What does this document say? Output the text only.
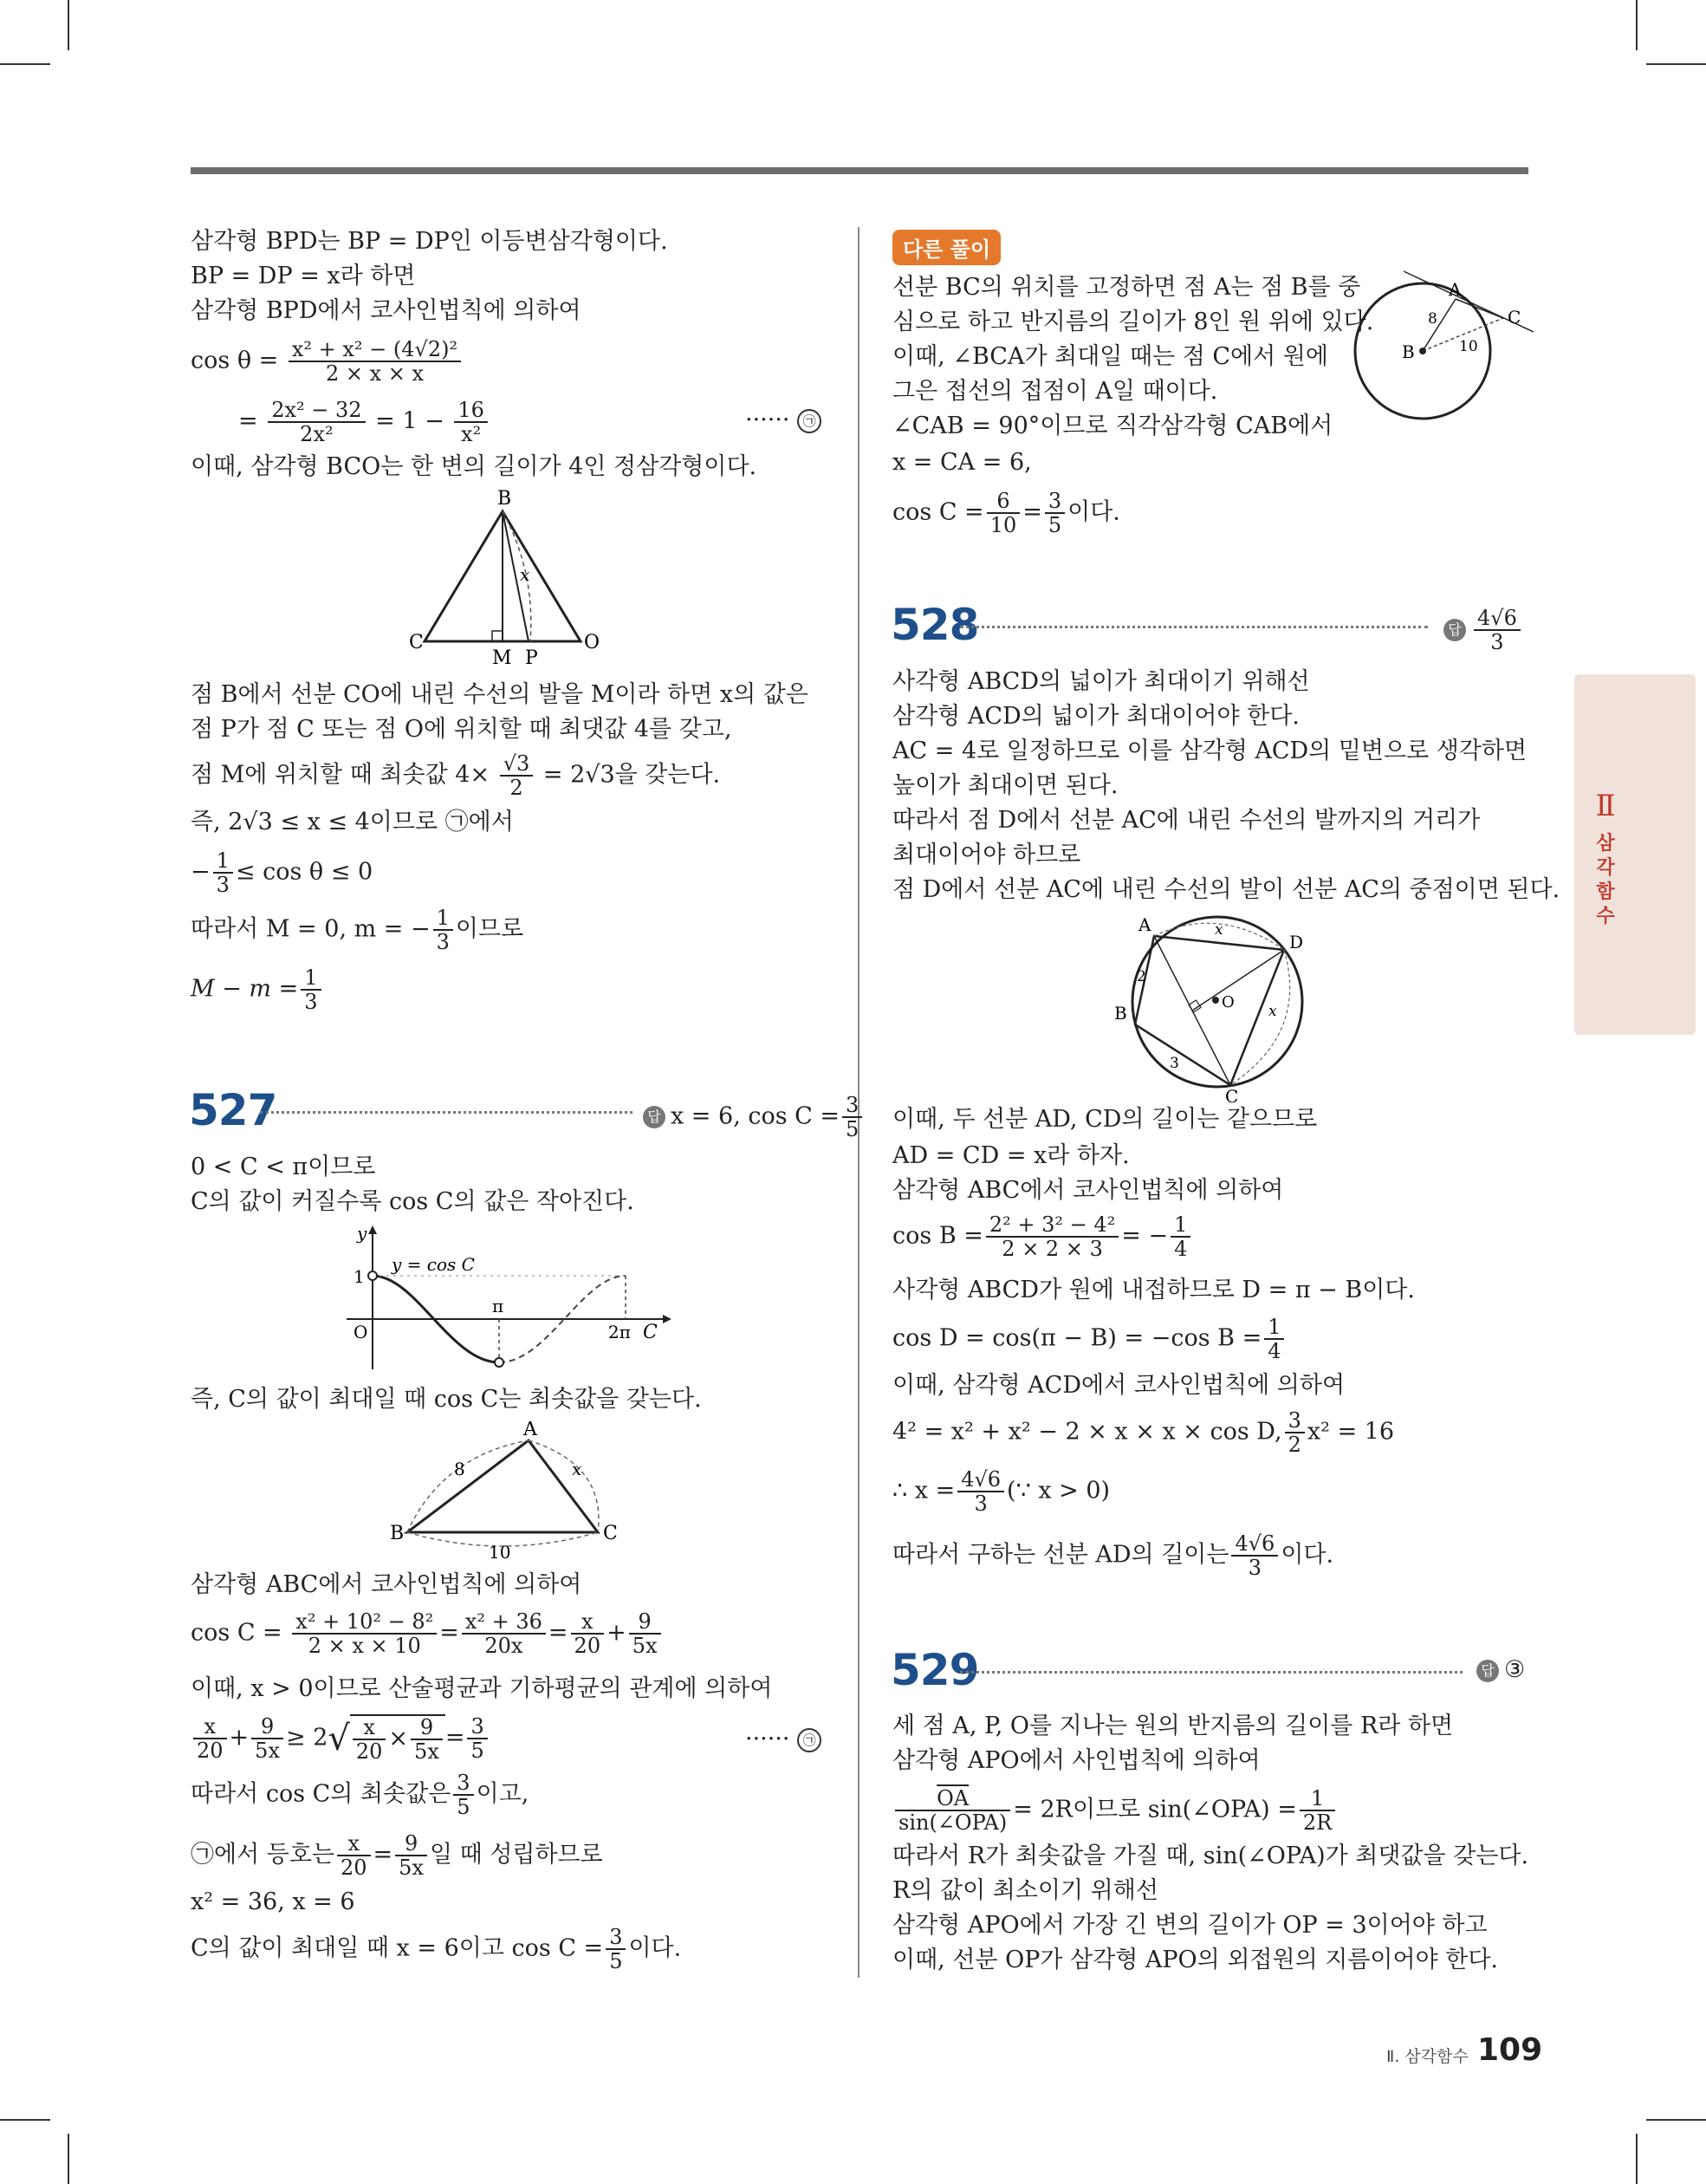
삼각형 BPD는 BP = DP인 이등변삼각형이다.
BP = DP = x라 하면
삼각형 BPD에서 코사인법칙에 의하여
$\cos \theta = \frac{\text{x² + x² − (4√2)²}}{2 \times x \times x}$
= $\frac{\text{2x² − 32}}{\text{2x²}} = 1 - \frac{16}{\text{x²}}$	······ ㉠
이때, 삼각형 BCO는 한 변의 길이가 4인 정삼각형이다.
B
C	O
M P
x
점 B에서 선분 CO에 내린 수선의 발을 M이라 하면 x의 값은
점 P가 점 C 또는 점 O에 위치할 때 최댓값 4를 갖고,
점 M에 위치할 때 최솟값 $4\times \frac{√3}{2} = 2√3$을 갖는다.
즉, 2√3 ≤ x ≤ 4이므로 ㉠에서
− $\frac{1}{3} \le \cos \theta \le 0$
따라서 M = 0, m = − $\frac{1}{3}$ 이므로
$M - m = \frac{1}{3}$
527	답 x = 6, $\cos C = \frac{3}{5}$
0 < C < π이므로
C의 값이 커질수록 cos C의 값은 작아진다.
y
1
y = cos C
π
2π C
O
즉, C의 값이 최대일 때 cos C는 최솟값을 갖는다.
A
B	C
8	x
10
삼각형 ABC에서 코사인법칙에 의하여
$\cos C = \frac{\text{x² + 10² − 8²}}{2 \times x \times 10} = \frac{\text{x² + 36}}{20x} = \frac{x}{20} + \frac{9}{5x}$
이때, x > 0이므로 산술평균과 기하평균의 관계에 의하여
$\frac{x}{20} + \frac{9}{5x} \ge 2√ \frac{x}{20} \times \frac{9}{5x} = \frac{3}{5}$	······ ㉠
따라서 cos C의 최솟값은 $\frac{3}{5}$ 이고,
㉠에서 등호는 $\frac{x}{20} = \frac{9}{5x}$ 일 때 성립하므로
x² = 36, x = 6
C의 값이 최대일 때 x = 6이고 $\cos C = \frac{3}{5}$ 이다.
다른 풀이
선분 BC의 위치를 고정하면 점 A는 점 B를 중
심으로 하고 반지름의 길이가 8인 원 위에 있다.
이때, ∠BCA가 최대일 때는 점 C에서 원에
그은 접선의 접점이 A일 때이다.
∠CAB = 90°이므로 직각삼각형 CAB에서
x = CA = 6,
$\cos C = \frac{6}{10} = \frac{3}{5}$ 이다.
A
B
C
8
10
528	답 $\frac{4√6}{3}$
사각형 ABCD의 넓이가 최대이기 위해선
삼각형 ACD의 넓이가 최대이어야 한다.
AC = 4로 일정하므로 이를 삼각형 ACD의 밑변으로 생각하면
높이가 최대이면 된다.
따라서 점 D에서 선분 AC에 내린 수선의 발까지의 거리가
최대이어야 하므로
점 D에서 선분 AC에 내린 수선의 발이 선분 AC의 중점이면 된다.
A
B
C
D
O
2
3
x
x
이때, 두 선분 AD, CD의 길이는 같으므로
AD = CD = x라 하자.
삼각형 ABC에서 코사인법칙에 의하여
$\cos B = \frac{\text{2² + 3² − 4²}}{2 \times 2 \times 3}$ = − $\frac{1}{4}$
사각형 ABCD가 원에 내접하므로 D = π − B이다.
cos D = cos(π − B) = −cos $B = \frac{1}{4}$
이때, 삼각형 ACD에서 코사인법칙에 의하여
4² = x² + x² − 2 × x × x × cos D, $\frac{3}{2} x^2 = 16$
∴ $x = \frac{4√6}{3}$ (∵ x > 0)
따라서 구하는 선분 AD의 길이는 $\frac{4√6}{3}$ 이다.
529	답 ③
세 점 A, P, O를 지나는 원의 반지름의 길이를 R라 하면
삼각형 APO에서 사인법칙에 의하여
$\frac{\overline{OA}}{\text{sin(∠OPA)}} = 2R$이므로 sin(∠OPA) = $\frac{1}{2R}$
따라서 R가 최솟값을 가질 때, sin(∠OPA)가 최댓값을 갖는다.
R의 값이 최소이기 위해선
삼각형 APO에서 가장 긴 변의 길이가 OP = 3이어야 하고
이때, 선분 OP가 삼각형 APO의 외접원의 지름이어야 한다.
Ⅱ
삼
각
함
수
Ⅱ. 삼각함수 109
